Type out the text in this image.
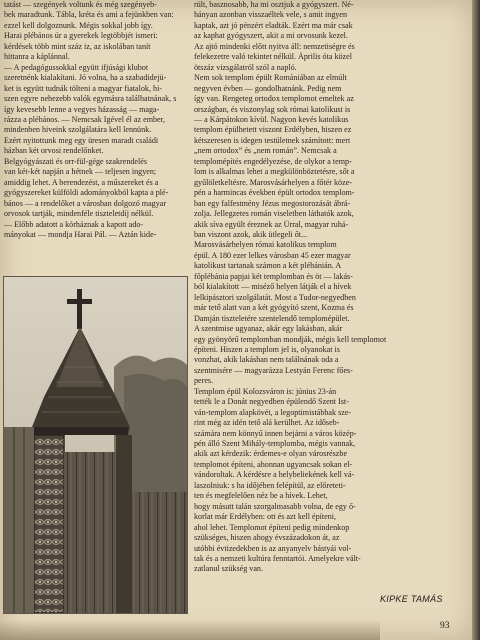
tatást — szegények voltunk és még szegényeb-
bek maradtunk. Tábla, kréta és ami a fejünkben van:
ezzel kell dolgoznunk. Mégis sokkal jobb így.
Harai plébános úr a gyerekek legtöbbjét ismeri:
kérdések több mint száz iz, az iskolában tanít
hittanra a káplánnal.
— A pedagógussokkal együtt ifjúsági klubot
szeretnénk kialakítani. Jó volna, ha a szabadidejü-
ket is együtt tudnák tölteni a magyar fiatalok, hi-
szen egyre nehezebb valók egymásra találhatnának, s
így kevesebb lenne a vegyes házasság — maga-
rázza a plébános. — Nemcsak Igével él az ember,
mindenben hiveink szolgálatára kell lennünk.
Ezért nyitottunk meg egy üresen maradt családi
házban két orvosi rendelőnket.
Belgyógyászati és orr-fül-gége szakrendelés
van két-két napján a hétnek — teljesen ingyen;
amiddig lehet. A berendezést, a műszereket és a
gyógyszereket külföldi adományokból kapta a plé-
bános — a rendelőket a városban dolgozó magyar
orvosok tartják, mindenféle tiszteletdíj nélkül.
— Előbb adatott a kórháznak a kapott ado-
mányokat — mondja Harai Pál. — Aztán kide-
rült, basznosabb, ha mi osztjuk a gyógyszert. Né-
hányan azonban visszaéltek vele, s amit ingyen
kaptak, azt jó pénzért eladták. Ezért ma már csak
az kaphat gyógyszert, akit a mi orvosunk kezel.
Az ajtó mindenki előtt nyitva áll: nemzetiségre és
felekezetre való tekintet nélkül. Április óta közel
ötszáz vizsgálatról szól a napló.
Nem sok templom épült Romániában az elmúlt
negyven évben — gondolhatnánk. Pedig nem
így van. Rengeteg ortodox templomot emeltek az
országban, és viszonylag sok római katolikust is
— a Kárpátokon kívül. Nagyon kevés katolikus
templom épülhetett viszont Erdélyben, hiszen ez
kétszeresen is idegen testületnek számított: mert
„nem ortodox” és „nem román”. Nemcsak a
templomépítés engedélyezése, de olykor a temp-
lom is alkalmas lehet a megkülönböztetésre, sőt a
gyűlöletkeltésre. Marosvásárhelyen a főtér köze-
pén a harmincas években épült ortodox templom-
ban egy falfestmény Jézus megostorozását ábrá-
zolja. Jellegzetes román viseletben láthatók azok,
akik síva egyült éreznek az Úrral, magyar ruhá-
ban viszont azok, akik ütlegeli őt...
Marosvásárhelyen római katolikus templom
épül. A 180 ezer lelkes városban 45 ezer magyar
katolikust tartanak számon a két plébánián. A
főplébánia papjai két templomban és öt — lakás-
ból kialakított — miséző helyen látják el a hívek
lelkipásztori szolgálatát. Most a Tudor-negyedben
már tető alatt van a két gyógyító szent, Kozma és
Damján tiszteletére szentelendő templomépület.
A szentmise ugyanaz, akár egy lakásban, akár
egy gyönyörű templomban mondják, mégis kell templomot
építeni. Hiszen a templom jel is, olyanokat is
vonzhat, akik lakásban nem találnának oda a
szentmisére — magyarázza Lestyán Ferenc főes-
peres.
Templom épül Kolozsváron is: június 23-án
tették le a Donát negyedben épülendő Szent Ist-
ván-templom alapkövét, a legoptimistábbak sze-
rint még az idén tető alá kerülhet. Az időseb-
számára nem könnyű innen bejárni a város közép-
pén álló Szent Mihály-templomba, mégis vannak,
akik azt kérdezik: érdemes-e olyan városrészbe
templomot építeni, ahonnan ugyancsak sokan el-
vándoroltak. A kérdésre a helybeliekének kell vá-
laszolniuk: s ha időjében felépítül, az előreteti-
ten és megfelelően néz be a hívek. Lehet,
hogy másutt talán szorgalmasabb volna, de egy ő-
korlat már Erdélyben: ott és azt kell építeni,
ahol lehet. Templomot építeni pedig mindenkop
szükséges, hiszen ahogy évszázadokon át, az
utóbbi évtizedekben is az anyanyelv bástyái vol-
tak és a nemzeti kultúra fenntartói. Amelyekre vált-
zatlanul szükség van.
KIPKE TAMÁS
93
